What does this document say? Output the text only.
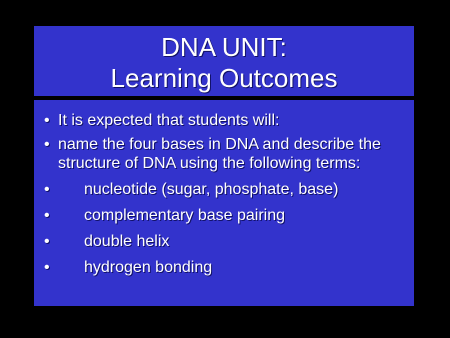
DNA UNIT:
Learning Outcomes
• It is expected that students will:
• name the four bases in DNA and describe the
structure of DNA using the following terms:
• nucleotide (sugar, phosphate, base)
• complementary base pairing
• double helix
• hydrogen bonding
